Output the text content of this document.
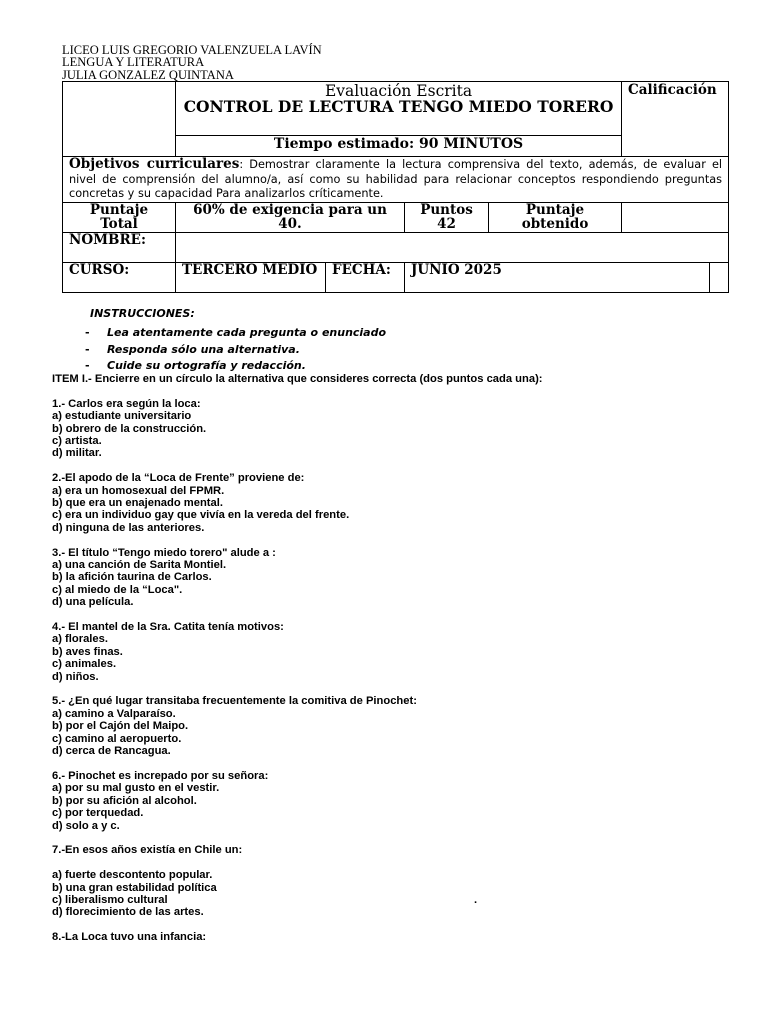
LICEO LUIS GREGORIO VALENZUELA LAVÍN
LENGUA Y LITERATURA
JULIA GONZALEZ QUINTANA

	Evaluación Escrita
CONTROL DE LECTURA TENGO MIEDO TORERO				Calificación	
	Tiempo estimado: 90 MINUTOS					
Objetivos curriculares: Demostrar claramente la lectura comprensiva del texto, además, de evaluar el nivel de comprensión del alumno/a, así como su habilidad para relacionar conceptos respondiendo preguntas concretas y su capacidad Para analizarlos críticamente.						
Puntaje Total	60% de exigencia para un 40.		Puntos 42	Puntaje obtenido		
NOMBRE:						
CURSO:	TERCERO MEDIO	FECHA:	JUNIO 2025			
INSTRUCCIONES:
- Lea atentamente cada pregunta o enunciado
- Responda sólo una alternativa.
- Cuide su ortografía y redacción.

ITEM I.- Encierre en un círculo la alternativa que consideres correcta (dos puntos cada una):

1.- Carlos era según la loca:

a) estudiante universitario

b) obrero de la construcción.

c) artista.

d) militar.

2.-El apodo de la “Loca de Frente” proviene de:

a) era un homosexual del FPMR.

b) que era un enajenado mental.

c) era un individuo gay que vivía en la vereda del frente.

d) ninguna de las anteriores.

3.- El título “Tengo miedo torero" alude a :

a) una canción de Sarita Montiel.

b) la afición taurina de Carlos.

c) al miedo de la “Loca".

d) una película.

4.- El mantel de la Sra. Catita tenía motivos:

a) florales.

b) aves finas.

c) animales.

d) niños.

5.- ¿En qué lugar transitaba frecuentemente la comitiva de Pinochet:

a) camino a Valparaíso.

b) por el Cajón del Maipo.

c) camino al aeropuerto.

d) cerca de Rancagua.

6.- Pinochet es increpado por su señora:

a) por su mal gusto en el vestir.

b) por su afición al alcohol.

c) por terquedad.

d) solo a y c.

7.-En esos años existía en Chile un:

a) fuerte descontento popular.

b) una gran estabilidad política

c) liberalismo cultural	.

d) florecimiento de las artes.

8.-La Loca tuvo una infancia:
